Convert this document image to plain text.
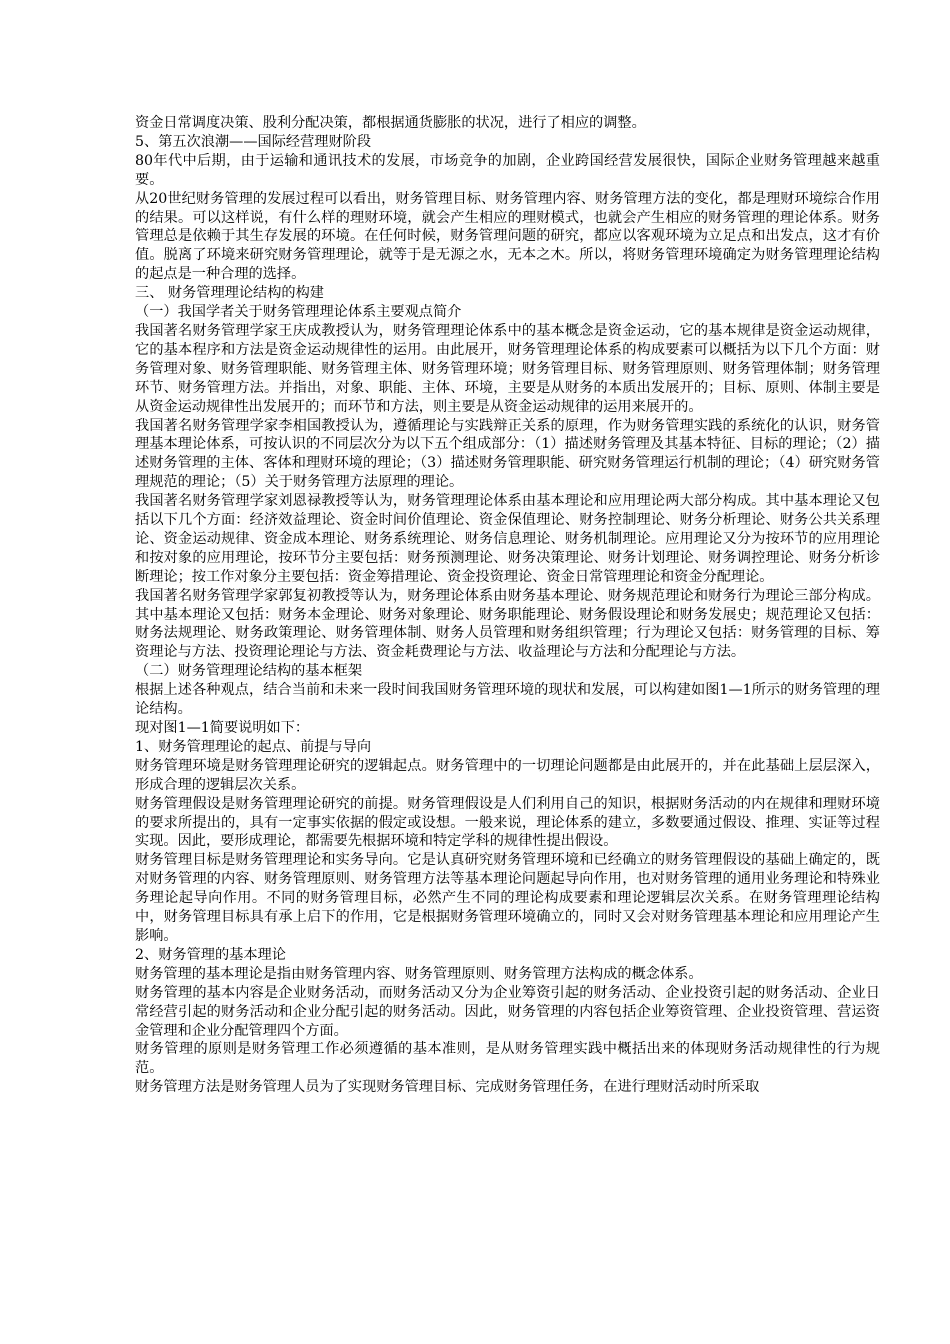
资金日常调度决策、股利分配决策，都根据通货膨胀的状况，进行了相应的调整。

5、第五次浪潮——国际经营理财阶段

80年代中后期，由于运输和通讯技术的发展，市场竞争的加剧，企业跨国经营发展很快，国际企业财务管理越来越重要。

从20世纪财务管理的发展过程可以看出，财务管理目标、财务管理内容、财务管理方法的变化，都是理财环境综合作用的结果。可以这样说，有什么样的理财环境，就会产生相应的理财模式，也就会产生相应的财务管理的理论体系。财务管理总是依赖于其生存发展的环境。在任何时候，财务管理问题的研究，都应以客观环境为立足点和出发点，这才有价值。脱离了环境来研究财务管理理论，就等于是无源之水，无本之木。所以，将财务管理环境确定为财务管理理论结构的起点是一种合理的选择。

三、 财务管理理论结构的构建

（一）我国学者关于财务管理理论体系主要观点简介

我国著名财务管理学家王庆成教授认为，财务管理理论体系中的基本概念是资金运动，它的基本规律是资金运动规律，它的基本程序和方法是资金运动规律性的运用。由此展开，财务管理理论体系的构成要素可以概括为以下几个方面：财务管理对象、财务管理职能、财务管理主体、财务管理环境；财务管理目标、财务管理原则、财务管理体制；财务管理环节、财务管理方法。并指出，对象、职能、主体、环境，主要是从财务的本质出发展开的；目标、原则、体制主要是从资金运动规律性出发展开的；而环节和方法，则主要是从资金运动规律的运用来展开的。

我国著名财务管理学家李相国教授认为，遵循理论与实践辩正关系的原理，作为财务管理实践的系统化的认识，财务管理基本理论体系，可按认识的不同层次分为以下五个组成部分：（1）描述财务管理及其基本特征、目标的理论；（2）描述财务管理的主体、客体和理财环境的理论；（3）描述财务管理职能、研究财务管理运行机制的理论；（4）研究财务管理规范的理论；（5）关于财务管理方法原理的理论。

我国著名财务管理学家刘恩禄教授等认为，财务管理理论体系由基本理论和应用理论两大部分构成。其中基本理论又包括以下几个方面：经济效益理论、资金时间价值理论、资金保值理论、财务控制理论、财务分析理论、财务公共关系理论、资金运动规律、资金成本理论、财务系统理论、财务信息理论、财务机制理论。应用理论又分为按环节的应用理论和按对象的应用理论，按环节分主要包括：财务预测理论、财务决策理论、财务计划理论、财务调控理论、财务分析诊断理论；按工作对象分主要包括：资金筹措理论、资金投资理论、资金日常管理理论和资金分配理论。

我国著名财务管理学家郭复初教授等认为，财务理论体系由财务基本理论、财务规范理论和财务行为理论三部分构成。其中基本理论又包括：财务本金理论、财务对象理论、财务职能理论、财务假设理论和财务发展史；规范理论又包括：财务法规理论、财务政策理论、财务管理体制、财务人员管理和财务组织管理；行为理论又包括：财务管理的目标、筹资理论与方法、投资理论理论与方法、资金耗费理论与方法、收益理论与方法和分配理论与方法。

（二）财务管理理论结构的基本框架

根据上述各种观点，结合当前和未来一段时间我国财务管理环境的现状和发展，可以构建如图1—1所示的财务管理的理论结构。

现对图1—1简要说明如下：

1、财务管理理论的起点、前提与导向

财务管理环境是财务管理理论研究的逻辑起点。财务管理中的一切理论问题都是由此展开的，并在此基础上层层深入，形成合理的逻辑层次关系。

财务管理假设是财务管理理论研究的前提。财务管理假设是人们利用自己的知识，根据财务活动的内在规律和理财环境的要求所提出的，具有一定事实依据的假定或设想。一般来说，理论体系的建立，多数要通过假设、推理、实证等过程实现。因此，要形成理论，都需要先根据环境和特定学科的规律性提出假设。

财务管理目标是财务管理理论和实务导向。它是认真研究财务管理环境和已经确立的财务管理假设的基础上确定的，既对财务管理的内容、财务管理原则、财务管理方法等基本理论问题起导向作用，也对财务管理的通用业务理论和特殊业务理论起导向作用。不同的财务管理目标，必然产生不同的理论构成要素和理论逻辑层次关系。在财务管理理论结构中，财务管理目标具有承上启下的作用，它是根据财务管理环境确立的，同时又会对财务管理基本理论和应用理论产生影响。

2、财务管理的基本理论

财务管理的基本理论是指由财务管理内容、财务管理原则、财务管理方法构成的概念体系。

财务管理的基本内容是企业财务活动，而财务活动又分为企业筹资引起的财务活动、企业投资引起的财务活动、企业日常经营引起的财务活动和企业分配引起的财务活动。因此，财务管理的内容包括企业筹资管理、企业投资管理、营运资金管理和企业分配管理四个方面。

财务管理的原则是财务管理工作必须遵循的基本准则，是从财务管理实践中概括出来的体现财务活动规律性的行为规范。

财务管理方法是财务管理人员为了实现财务管理目标、完成财务管理任务，在进行理财活动时所采取
